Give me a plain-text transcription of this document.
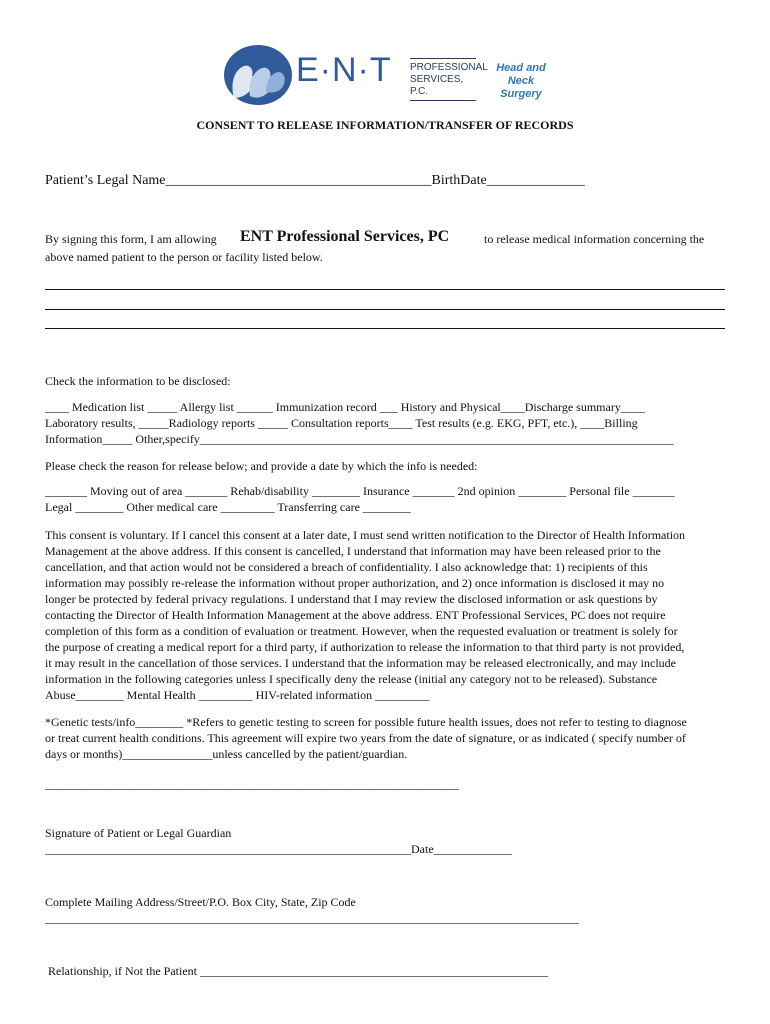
E·N·T PROFESSIONAL
SERVICES, P.C.
Head and Neck
Surgery
CONSENT TO RELEASE INFORMATION/TRANSFER OF RECORDS
Patient’s Legal Name______________________________________BirthDate______________
By signing this form, I am allowing ENT Professional Services, PC	to release medical information concerning the
above named patient to the person or facility listed below.
Check the information to be disclosed:
____ Medication list _____ Allergy list ______ Immunization record ___ History and Physical____Discharge summary____
Laboratory results, _____Radiology reports _____ Consultation reports____ Test results (e.g. EKG, PFT, etc.), ____Billing
Information_____ Other,specify_______________________________________________________________________________
Please check the reason for release below; and provide a date by which the info is needed:
_______ Moving out of area _______ Rehab/disability ________ Insurance _______ 2nd opinion ________ Personal file _______
Legal ________ Other medical care _________ Transferring care ________
This consent is voluntary. If I cancel this consent at a later date, I must send written notification to the Director of Health Information
Management at the above address. If this consent is cancelled, I understand that information may have been released prior to the
cancellation, and that action would not be considered a breach of confidentiality. I also acknowledge that: 1) recipients of this
information may possibly re-release the information without proper authorization, and 2) once information is disclosed it may no
longer be protected by federal privacy regulations. I understand that I may review the disclosed information or ask questions by
contacting the Director of Health Information Management at the above address. ENT Professional Services, PC does not require
completion of this form as a condition of evaluation or treatment. However, when the requested evaluation or treatment is solely for
the purpose of creating a medical report for a third party, if authorization to release the information to that third party is not provided,
it may result in the cancellation of those services. I understand that the information may be released electronically, and may include
information in the following categories unless I specifically deny the release (initial any category not to be released). Substance
Abuse________ Mental Health _________ HIV-related information _________
*Genetic tests/info________ *Refers to genetic testing to screen for possible future health issues, does not refer to testing to diagnose
or treat current health conditions. This agreement will expire two years from the date of signature, or as indicated ( specify number of
days or months)_______________unless cancelled by the patient/guardian.
_____________________________________________________________________
Signature of Patient or Legal Guardian
_____________________________________________________________Date_____________
Complete Mailing Address/Street/P.O. Box City, State, Zip Code
_________________________________________________________________________________________
Relationship, if Not the Patient __________________________________________________________
